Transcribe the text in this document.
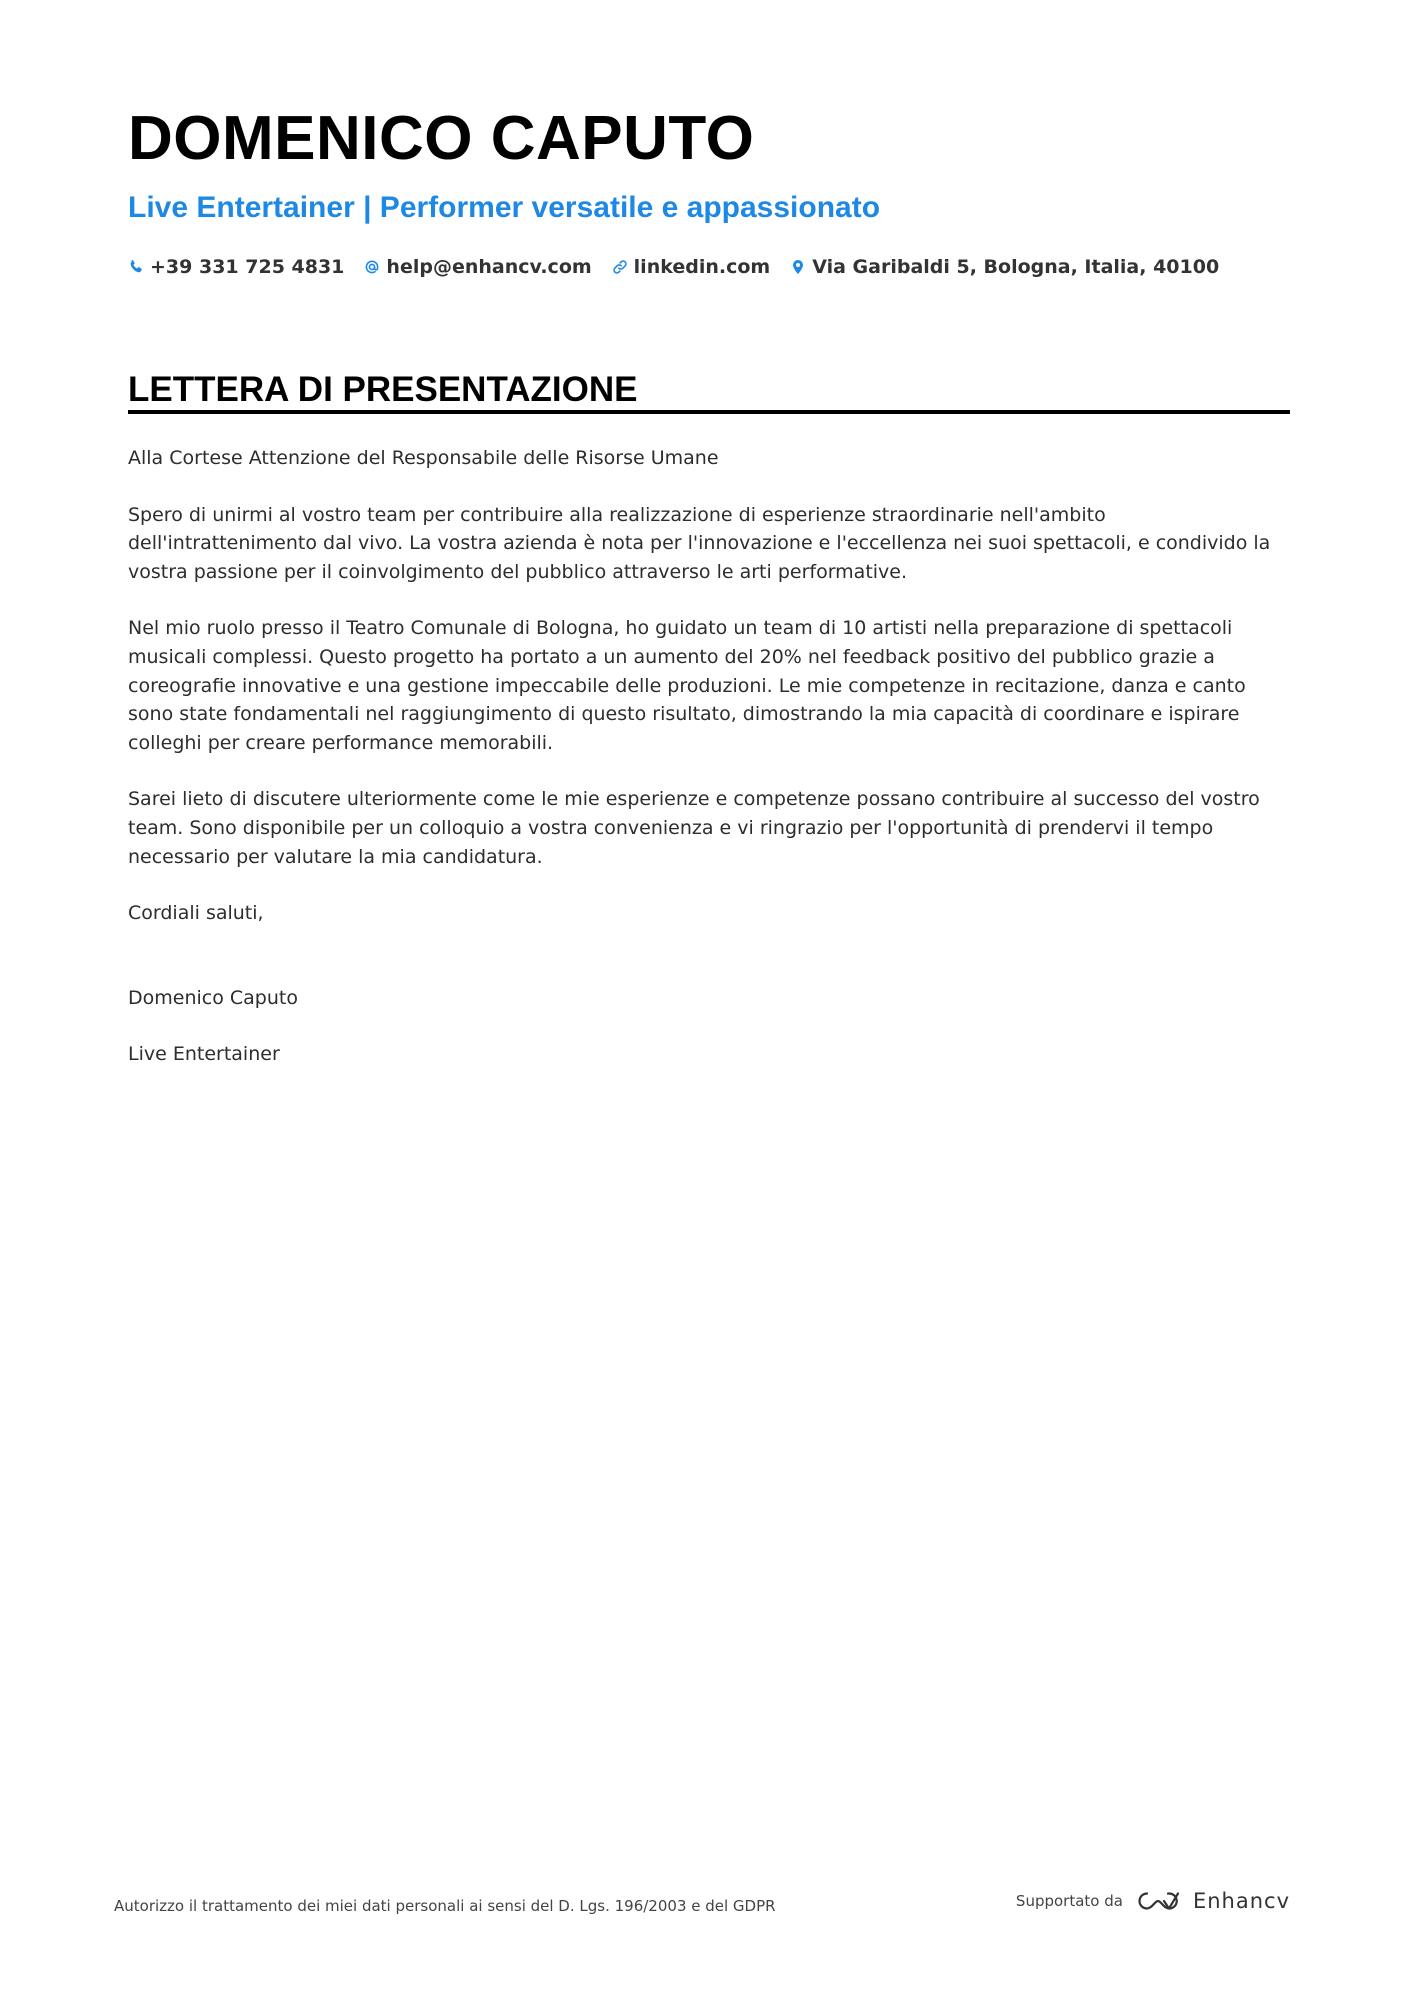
DOMENICO CAPUTO
Live Entertainer | Performer versatile e appassionato
+39 331 725 4831 help@enhancv.com linkedin.com Via Garibaldi 5, Bologna, Italia, 40100
LETTERA DI PRESENTAZIONE

Alla Cortese Attenzione del Responsabile delle Risorse Umane

Spero di unirmi al vostro team per contribuire alla realizzazione di esperienze straordinarie nell'ambito dell'intrattenimento dal vivo. La vostra azienda è nota per l'innovazione e l'eccellenza nei suoi spettacoli, e condivido la vostra passione per il coinvolgimento del pubblico attraverso le arti performative.

Nel mio ruolo presso il Teatro Comunale di Bologna, ho guidato un team di 10 artisti nella preparazione di spettacoli musicali complessi. Questo progetto ha portato a un aumento del 20% nel feedback positivo del pubblico grazie a coreografie innovative e una gestione impeccabile delle produzioni. Le mie competenze in recitazione, danza e canto sono state fondamentali nel raggiungimento di questo risultato, dimostrando la mia capacità di coordinare e ispirare colleghi per creare performance memorabili.

Sarei lieto di discutere ulteriormente come le mie esperienze e competenze possano contribuire al successo del vostro team. Sono disponibile per un colloquio a vostra convenienza e vi ringrazio per l'opportunità di prendervi il tempo necessario per valutare la mia candidatura.

Cordiali saluti,

Domenico Caputo

Live Entertainer

Autorizzo il trattamento dei miei dati personali ai sensi del D. Lgs. 196/2003 e del GDPR	Supportato da	Enhancv
